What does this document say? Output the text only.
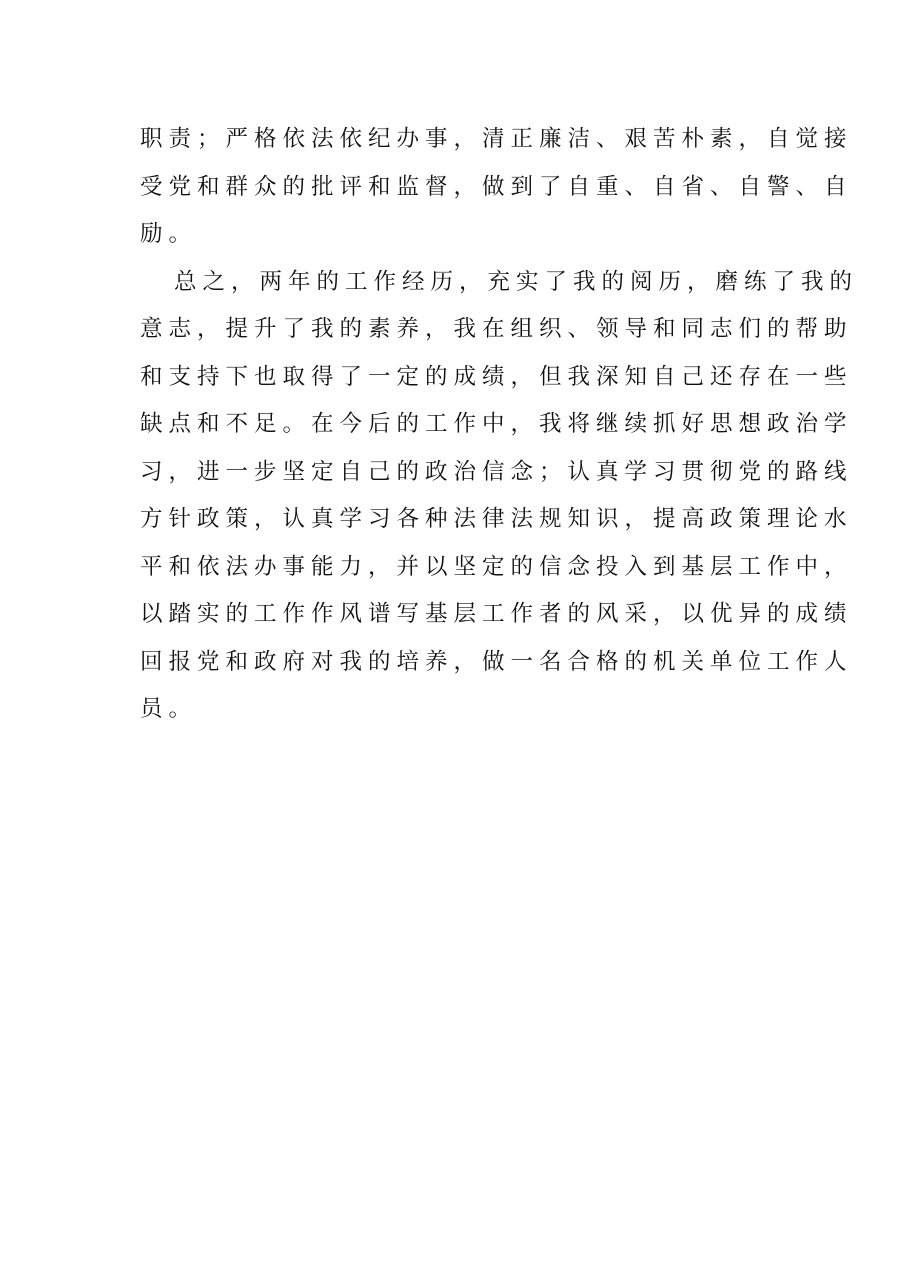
职责；严格依法依纪办事，清正廉洁、艰苦朴素，自觉接
受党和群众的批评和监督，做到了自重、自省、自警、自
励。
总之，两年的工作经历，充实了我的阅历，磨练了我的
意志，提升了我的素养，我在组织、领导和同志们的帮助
和支持下也取得了一定的成绩，但我深知自己还存在一些
缺点和不足。在今后的工作中，我将继续抓好思想政治学
习，进一步坚定自己的政治信念；认真学习贯彻党的路线
方针政策，认真学习各种法律法规知识，提高政策理论水
平和依法办事能力，并以坚定的信念投入到基层工作中，
以踏实的工作作风谱写基层工作者的风采，以优异的成绩
回报党和政府对我的培养，做一名合格的机关单位工作人
员。
